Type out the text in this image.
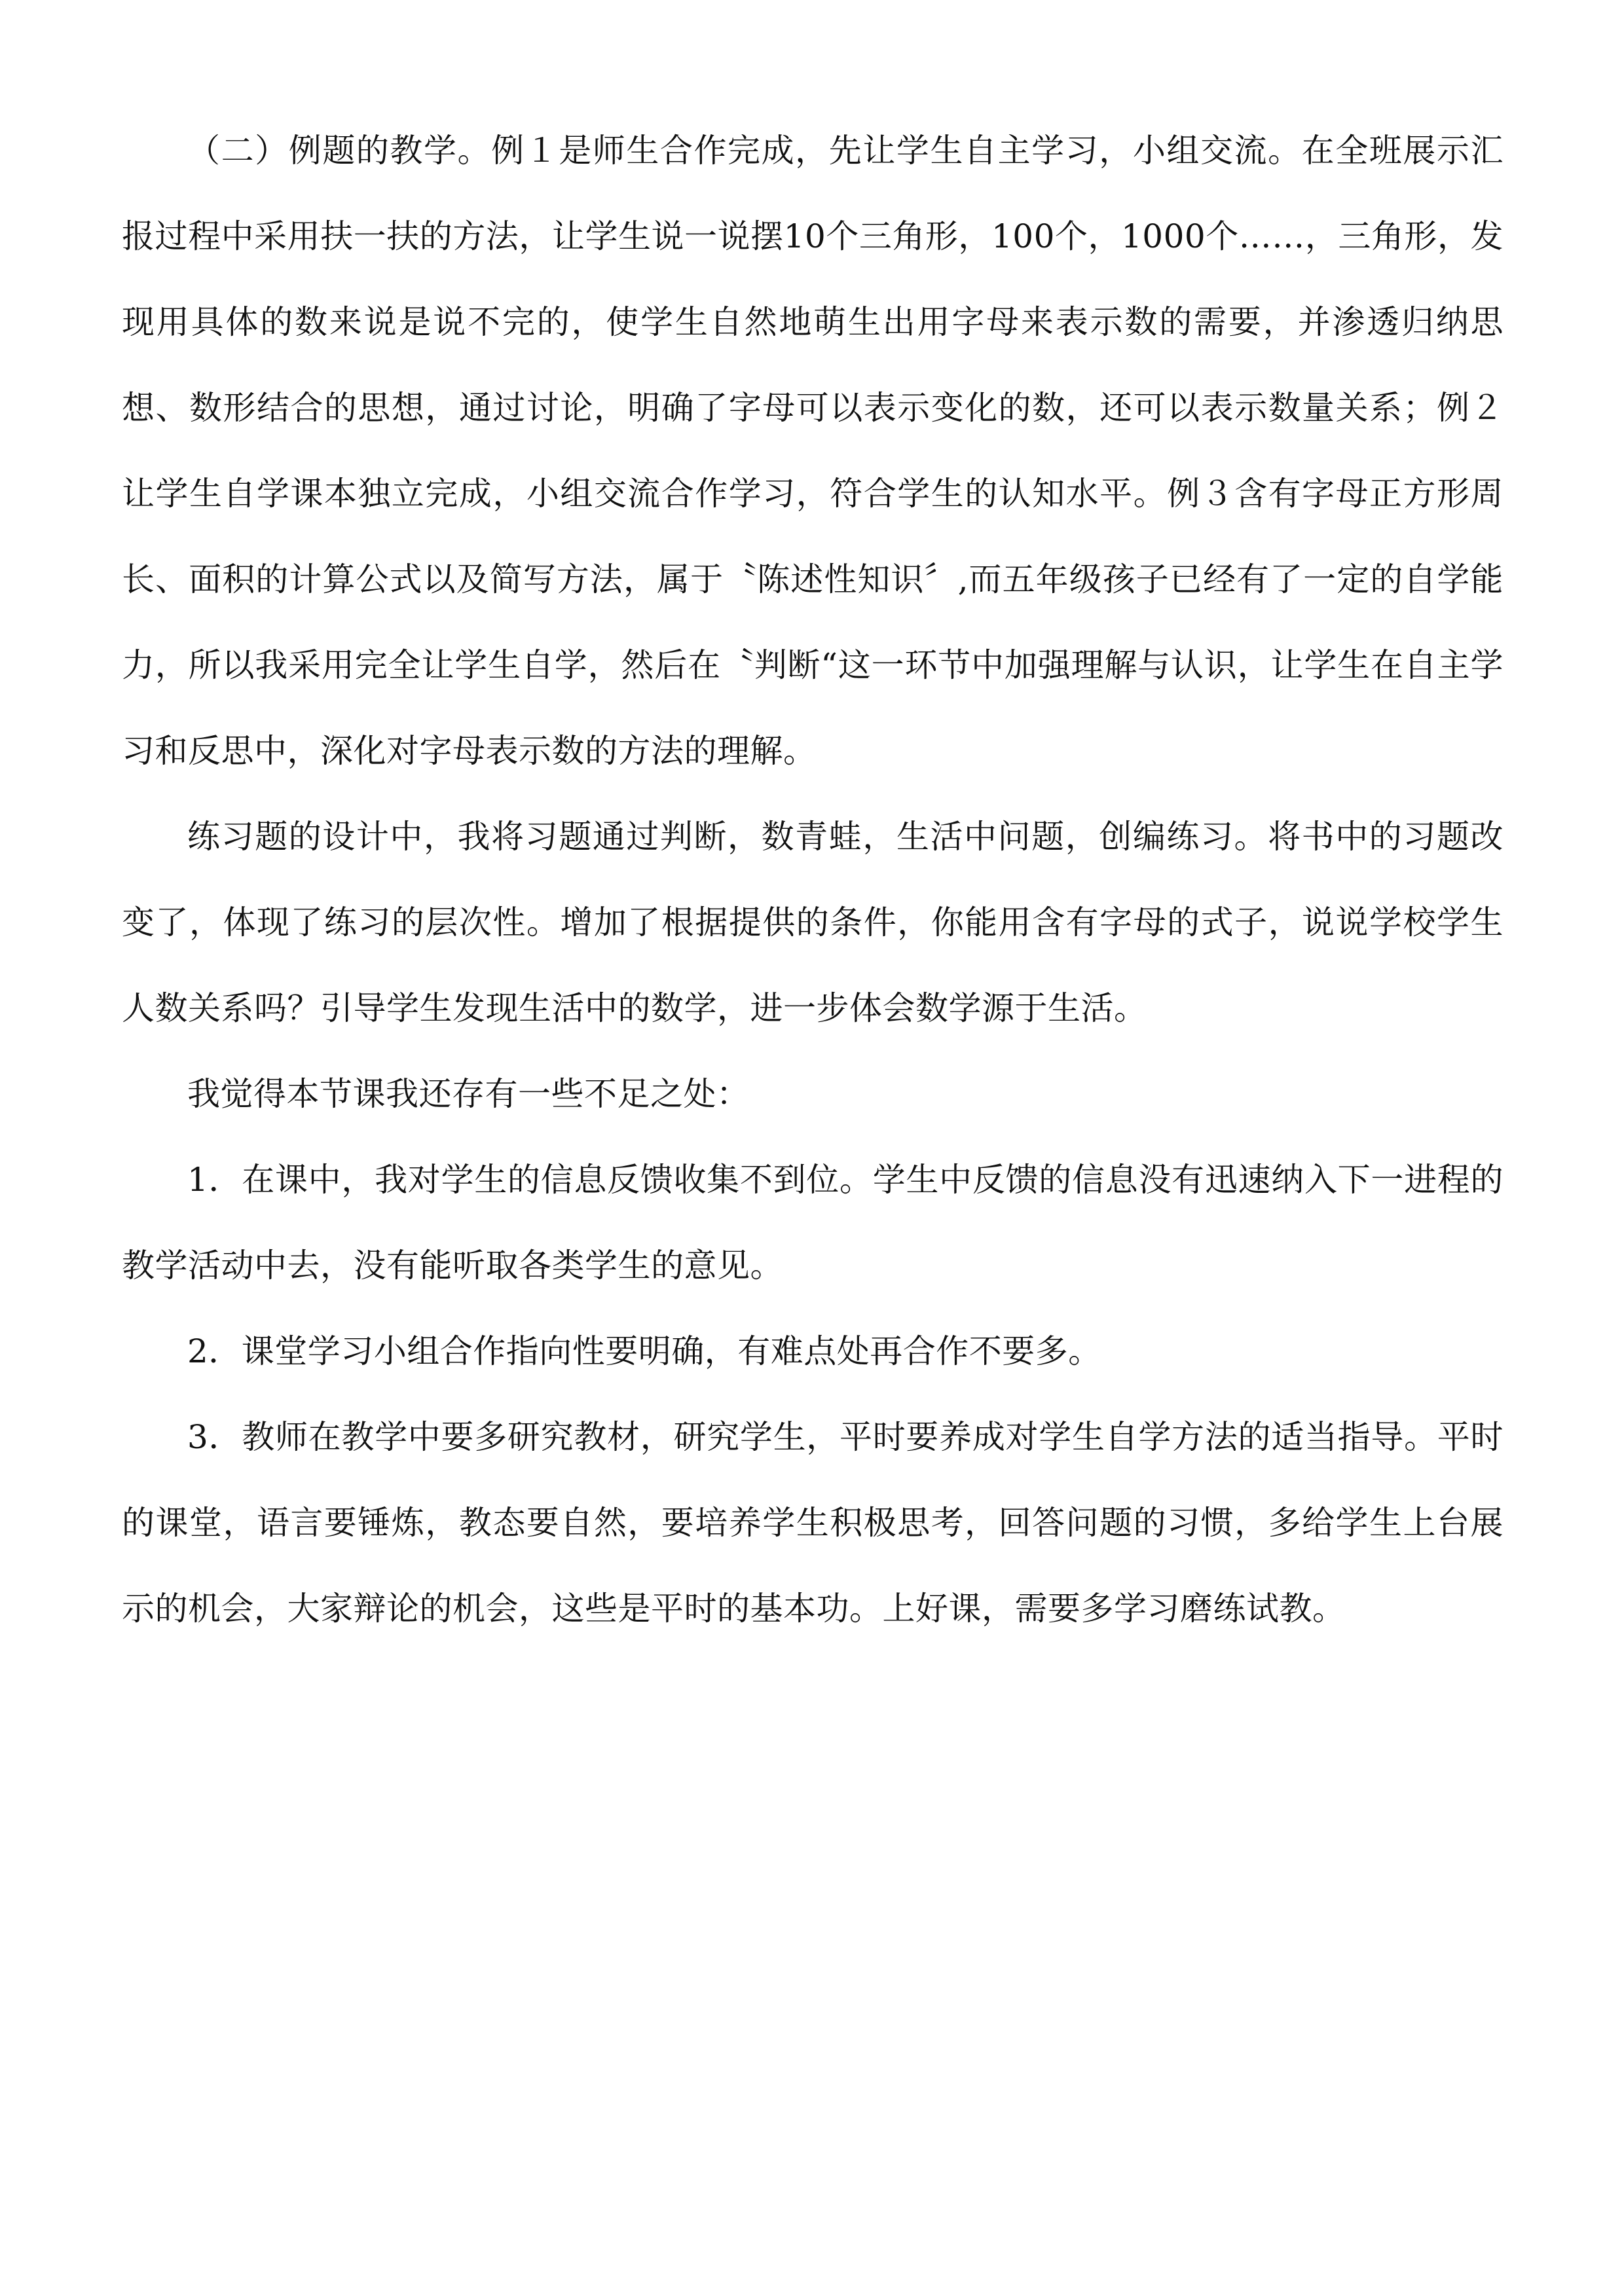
（二）例题的教学。例１是师生合作完成，先让学生自主学习，小组交流。在全班展示汇报过程中采用扶一扶的方法，让学生说一说摆10个三角形，100个，1000个……，三角形，发现用具体的数来说是说不完的，使学生自然地萌生出用字母来表示数的需要，并渗透归纳思想、数形结合的思想，通过讨论，明确了字母可以表示变化的数，还可以表示数量关系；例２让学生自学课本独立完成，小组交流合作学习，符合学生的认知水平。例３含有字母正方形周长、面积的计算公式以及简写方法，属于〝陈述性知识〞,而五年级孩子已经有了一定的自学能力，所以我采用完全让学生自学，然后在〝判断“这一环节中加强理解与认识，让学生在自主学习和反思中，深化对字母表示数的方法的理解。

练习题的设计中，我将习题通过判断，数青蛙，生活中问题，创编练习。将书中的习题改变了，体现了练习的层次性。增加了根据提供的条件，你能用含有字母的式子，说说学校学生人数关系吗？引导学生发现生活中的数学，进一步体会数学源于生活。

我觉得本节课我还存有一些不足之处：

1．在课中，我对学生的信息反馈收集不到位。学生中反馈的信息没有迅速纳入下一进程的教学活动中去，没有能听取各类学生的意见。

2．课堂学习小组合作指向性要明确，有难点处再合作不要多。

3．教师在教学中要多研究教材，研究学生，平时要养成对学生自学方法的适当指导。平时的课堂，语言要锤炼，教态要自然，要培养学生积极思考，回答问题的习惯，多给学生上台展示的机会，大家辩论的机会，这些是平时的基本功。上好课，需要多学习磨练试教。
